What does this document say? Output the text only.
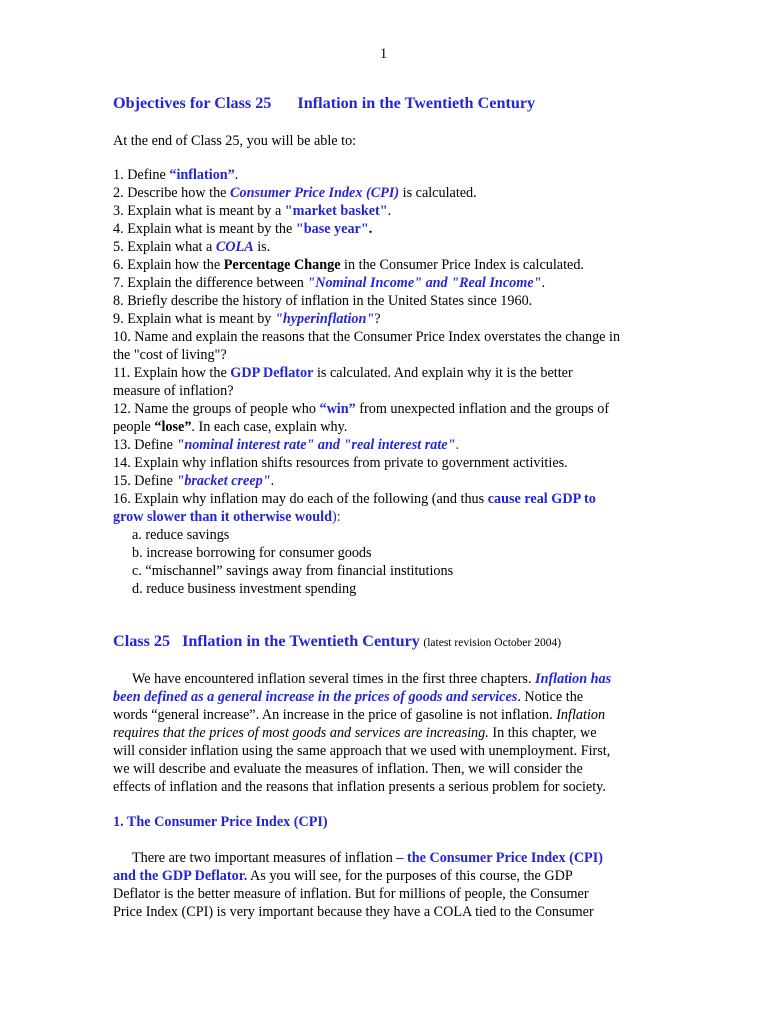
1
Objectives for Class 25 Inflation in the Twentieth Century
At the end of Class 25, you will be able to:
1. Define “inflation”.
2. Describe how the Consumer Price Index (CPI) is calculated.
3. Explain what is meant by a "market basket".
4. Explain what is meant by the "base year".
5. Explain what a COLA is.
6. Explain how the Percentage Change in the Consumer Price Index is calculated.
7. Explain the difference between "Nominal Income" and "Real Income".
8. Briefly describe the history of inflation in the United States since 1960.
9. Explain what is meant by "hyperinflation"?
10. Name and explain the reasons that the Consumer Price Index overstates the change in
the "cost of living"?
11. Explain how the GDP Deflator is calculated. And explain why it is the better
measure of inflation?
12. Name the groups of people who “win” from unexpected inflation and the groups of
people “lose”. In each case, explain why.
13. Define "nominal interest rate" and "real interest rate".
14. Explain why inflation shifts resources from private to government activities.
15. Define "bracket creep".
16. Explain why inflation may do each of the following (and thus cause real GDP to
grow slower than it otherwise would):
a. reduce savings
b. increase borrowing for consumer goods
c. “mischannel” savings away from financial institutions
d. reduce business investment spending
Class 25 Inflation in the Twentieth Century (latest revision October 2004)
We have encountered inflation several times in the first three chapters. Inflation has
been defined as a general increase in the prices of goods and services. Notice the
words “general increase”. An increase in the price of gasoline is not inflation. Inflation
requires that the prices of most goods and services are increasing. In this chapter, we
will consider inflation using the same approach that we used with unemployment. First,
we will describe and evaluate the measures of inflation. Then, we will consider the
effects of inflation and the reasons that inflation presents a serious problem for society.
1. The Consumer Price Index (CPI)
There are two important measures of inflation – the Consumer Price Index (CPI)
and the GDP Deflator. As you will see, for the purposes of this course, the GDP
Deflator is the better measure of inflation. But for millions of people, the Consumer
Price Index (CPI) is very important because they have a COLA tied to the Consumer
